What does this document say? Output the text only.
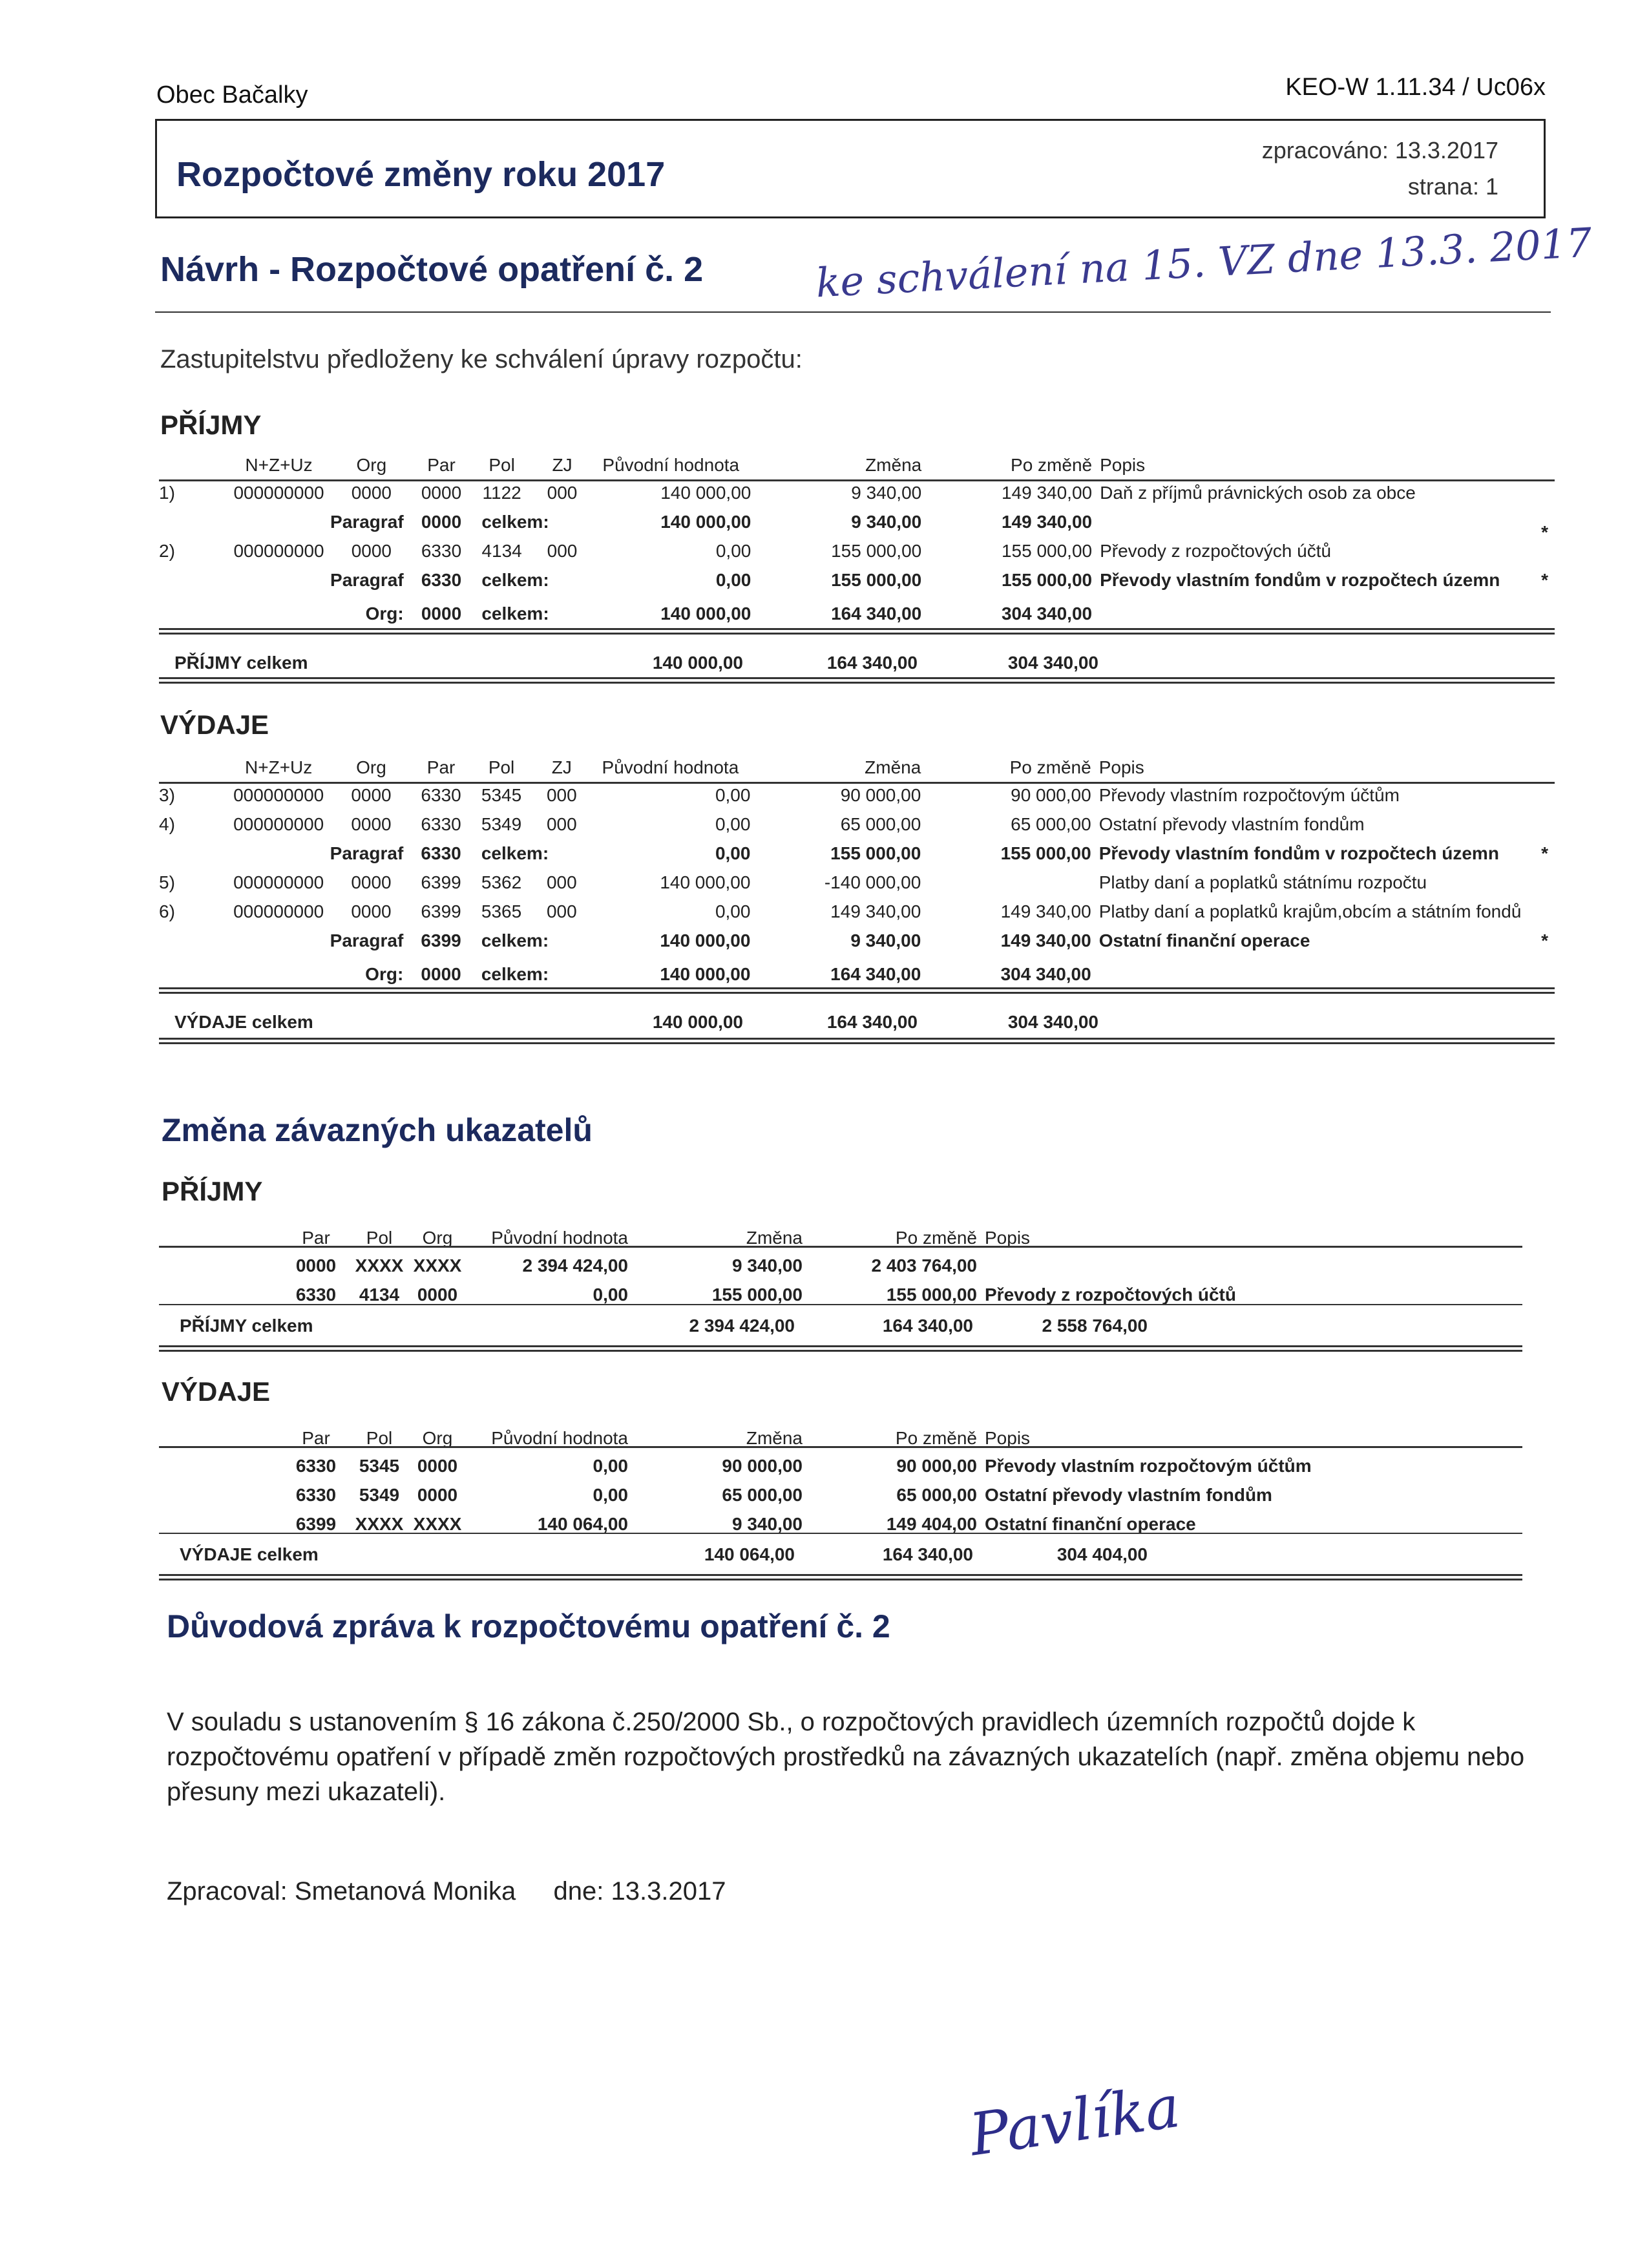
Obec Bačalky	KEO-W 1.11.34 / Uc06x
Rozpočtové změny roku 2017
zpracováno: 13.3.2017
strana: 1
Návrh - Rozpočtové opatření č. 2	ke schválení na 15. VZ dne 13.3. 2017
Zastupitelstvu předloženy ke schválení úpravy rozpočtu:
PŘÍJMY
	N+Z+Uz	Org	Par	Pol	ZJ	Původní hodnota	Změna	Po změně	Popis
1)	000000000	0000	0000	1122	000	140 000,00	9 340,00	149 340,00	Daň z příjmů právnických osob za obce
		Paragraf	0000	celkem:		140 000,00	9 340,00	149 340,00	*

2)	000000000	0000	6330	4134	000	0,00	155 000,00	155 000,00	Převody z rozpočtových účtů
		Paragraf	6330	celkem:		0,00	155 000,00	155 000,00	Převody vlastním fondům v rozpočtech územn *

		Org:	0000	celkem:		140 000,00	164 340,00	304 340,00	
PŘÍJMY celkem	140 000,00	164 340,00	304 340,00
VÝDAJE
	N+Z+Uz	Org	Par	Pol	ZJ	Původní hodnota	Změna	Po změně	Popis
3)	000000000	0000	6330	5345	000	0,00	90 000,00	90 000,00	Převody vlastním rozpočtovým účtům
4)	000000000	0000	6330	5349	000	0,00	65 000,00	65 000,00	Ostatní převody vlastním fondům
		Paragraf	6330	celkem:		0,00	155 000,00	155 000,00	Převody vlastním fondům v rozpočtech územn *

5)	000000000	0000	6399	5362	000	140 000,00	-140 000,00		Platby daní a poplatků státnímu rozpočtu
6)	000000000	0000	6399	5365	000	0,00	149 340,00	149 340,00	Platby daní a poplatků krajům,obcím a státním fondů
		Paragraf	6399	celkem:		140 000,00	9 340,00	149 340,00	Ostatní finanční operace *

		Org:	0000	celkem:		140 000,00	164 340,00	304 340,00	
VÝDAJE celkem	140 000,00	164 340,00	304 340,00
Změna závazných ukazatelů
PŘÍJMY
	Par	Pol	Org	Původní hodnota	Změna	Po změně	Popis
	0000	XXXX	XXXX	2 394 424,00	9 340,00	2 403 764,00	
	6330	4134	0000	0,00	155 000,00	155 000,00	Převody z rozpočtových účtů
PŘÍJMY celkem	2 394 424,00	164 340,00	2 558 764,00
VÝDAJE
	Par	Pol	Org	Původní hodnota	Změna	Po změně	Popis
	6330	5345	0000	0,00	90 000,00	90 000,00	Převody vlastním rozpočtovým účtům
	6330	5349	0000	0,00	65 000,00	65 000,00	Ostatní převody vlastním fondům
	6399	XXXX	XXXX	140 064,00	9 340,00	149 404,00	Ostatní finanční operace
VÝDAJE celkem	140 064,00	164 340,00	304 404,00
Důvodová zpráva k rozpočtovému opatření č. 2
V souladu s ustanovením § 16 zákona č.250/2000 Sb., o rozpočtových pravidlech územních rozpočtů dojde k rozpočtovému opatření v případě změn rozpočtových prostředků na závazných ukazatelích (např. změna objemu nebo přesuny mezi ukazateli).
Zpracoval: Smetanová Monika dne: 13.3.2017
Pavlíka
